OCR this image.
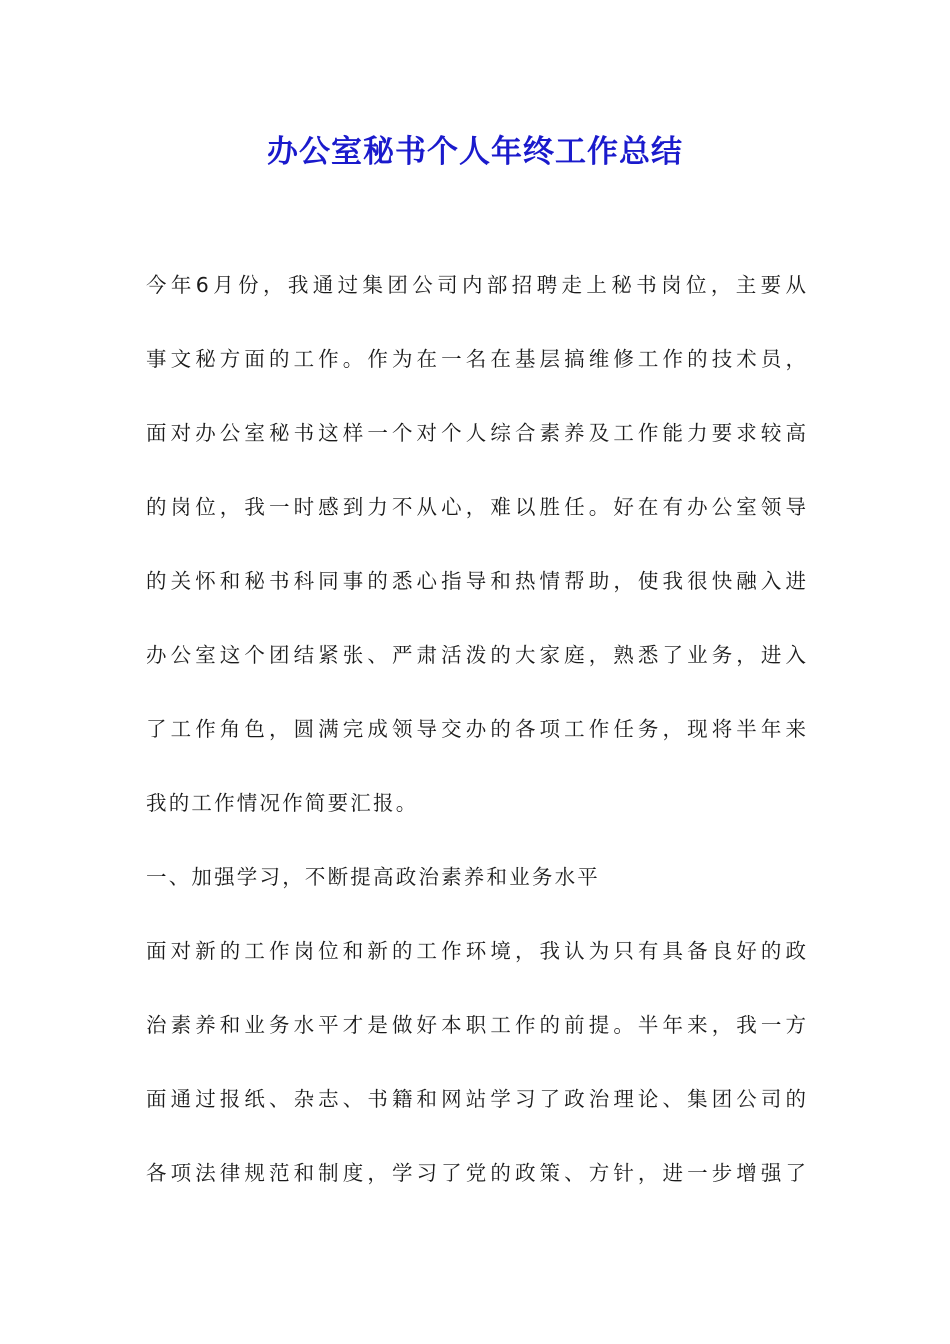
办公室秘书个人年终工作总结
今年6月份，我通过集团公司内部招聘走上秘书岗位，主要从
事文秘方面的工作。作为在一名在基层搞维修工作的技术员，
面对办公室秘书这样一个对个人综合素养及工作能力要求较高
的岗位，我一时感到力不从心，难以胜任。好在有办公室领导
的关怀和秘书科同事的悉心指导和热情帮助，使我很快融入进
办公室这个团结紧张、严肃活泼的大家庭，熟悉了业务，进入
了工作角色，圆满完成领导交办的各项工作任务，现将半年来
我的工作情况作简要汇报。
一、加强学习，不断提高政治素养和业务水平
面对新的工作岗位和新的工作环境，我认为只有具备良好的政
治素养和业务水平才是做好本职工作的前提。半年来，我一方
面通过报纸、杂志、书籍和网站学习了政治理论、集团公司的
各项法律规范和制度，学习了党的政策、方针，进一步增强了
